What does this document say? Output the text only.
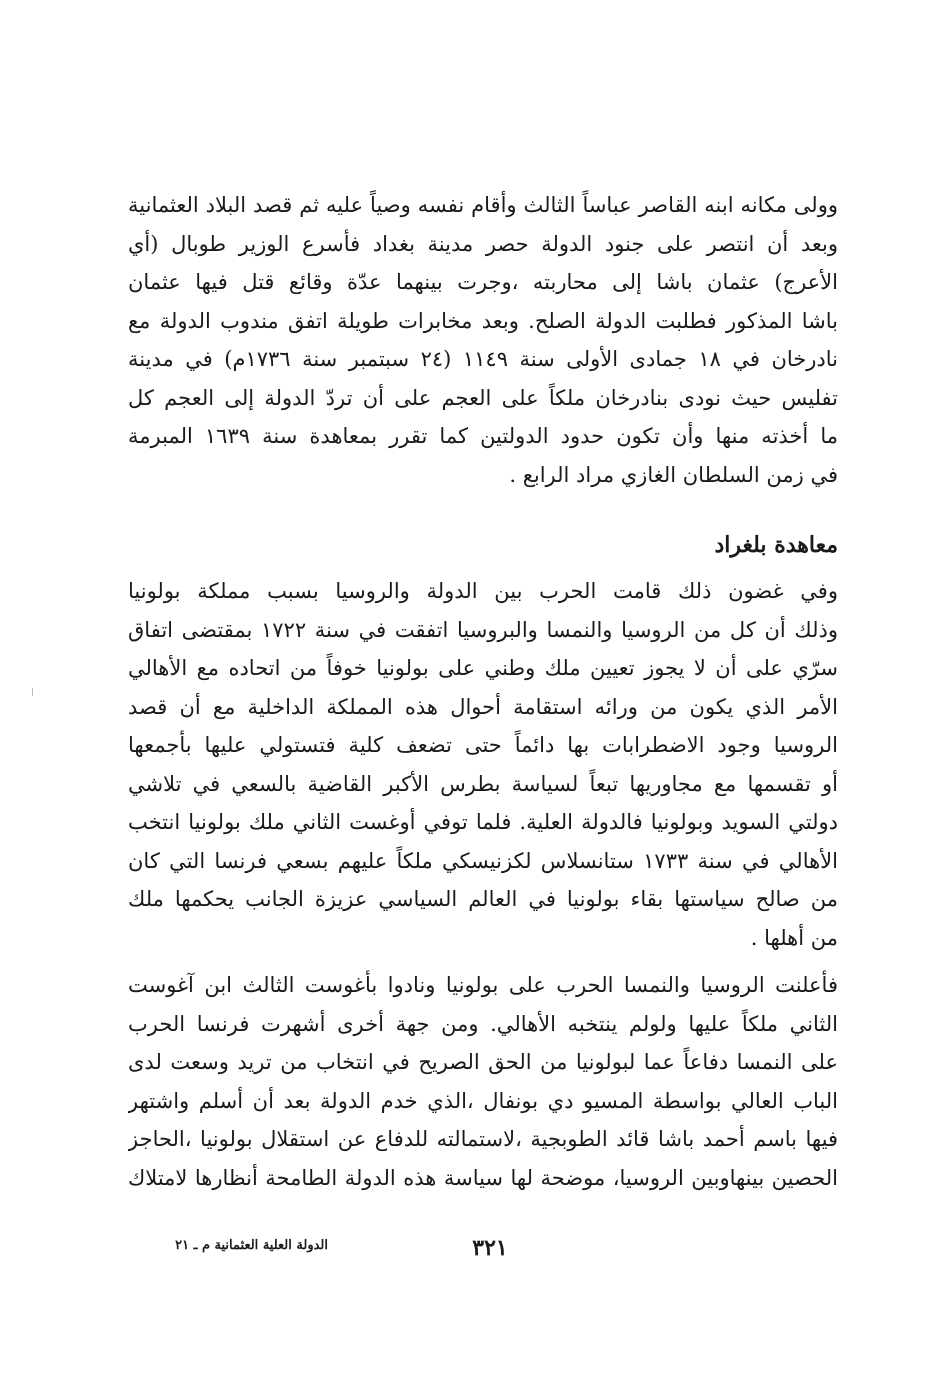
وولى مكانه ابنه القاصر عباساً الثالث وأقام نفسه وصياً عليه ثم قصد البلاد العثمانية
وبعد أن انتصر على جنود الدولة حصر مدينة بغداد فأسرع الوزير طوبال (أي
الأعرج) عثمان باشا إلى محاربته ،وجرت بينهما عدّة وقائع قتل فيها عثمان
باشا المذكور فطلبت الدولة الصلح. وبعد مخابرات طويلة اتفق مندوب الدولة مع
نادرخان في ١٨ جمادى الأولى سنة ١١٤٩ (٢٤ سبتمبر سنة ١٧٣٦م) في مدينة
تفليس حيث نودى بنادرخان ملكاً على العجم على أن تردّ الدولة إلى العجم كل
ما أخذته منها وأن تكون حدود الدولتين كما تقرر بمعاهدة سنة ١٦٣٩ المبرمة
في زمن السلطان الغازي مراد الرابع .
معاهدة بلغراد
وفي غضون ذلك قامت الحرب بين الدولة والروسيا بسبب مملكة بولونيا
وذلك أن كل من الروسيا والنمسا والبروسيا اتفقت في سنة ١٧٢٢ بمقتضى اتفاق
سرّي على أن لا يجوز تعيين ملك وطني على بولونيا خوفاً من اتحاده مع الأهالي
الأمر الذي يكون من ورائه استقامة أحوال هذه المملكة الداخلية مع أن قصد
الروسيا وجود الاضطرابات بها دائماً حتى تضعف كلية فتستولي عليها بأجمعها
أو تقسمها مع مجاوريها تبعاً لسياسة بطرس الأكبر القاضية بالسعي في تلاشي
دولتي السويد وبولونيا فالدولة العلية. فلما توفي أوغست الثاني ملك بولونيا انتخب
الأهالي في سنة ١٧٣٣ ستانسلاس لكزنيسكي ملكاً عليهم بسعي فرنسا التي كان
من صالح سياستها بقاء بولونيا في العالم السياسي عزيزة الجانب يحكمها ملك
من أهلها .
فأعلنت الروسيا والنمسا الحرب على بولونيا ونادوا بأغوست الثالث ابن آغوست
الثاني ملكاً عليها ولولم ينتخبه الأهالي. ومن جهة أخرى أشهرت فرنسا الحرب
على النمسا دفاعاً عما لبولونيا من الحق الصريح في انتخاب من تريد وسعت لدى
الباب العالي بواسطة المسيو دي بونفال ،الذي خدم الدولة بعد أن أسلم واشتهر
فيها باسم أحمد باشا قائد الطوبجية ،لاستمالته للدفاع عن استقلال بولونيا ،الحاجز
الحصين بينهاوبين الروسيا، موضحة لها سياسة هذه الدولة الطامحة أنظارها لامتلاك
٣٢١
الدولة العلية العثمانية م ـ ٢١
